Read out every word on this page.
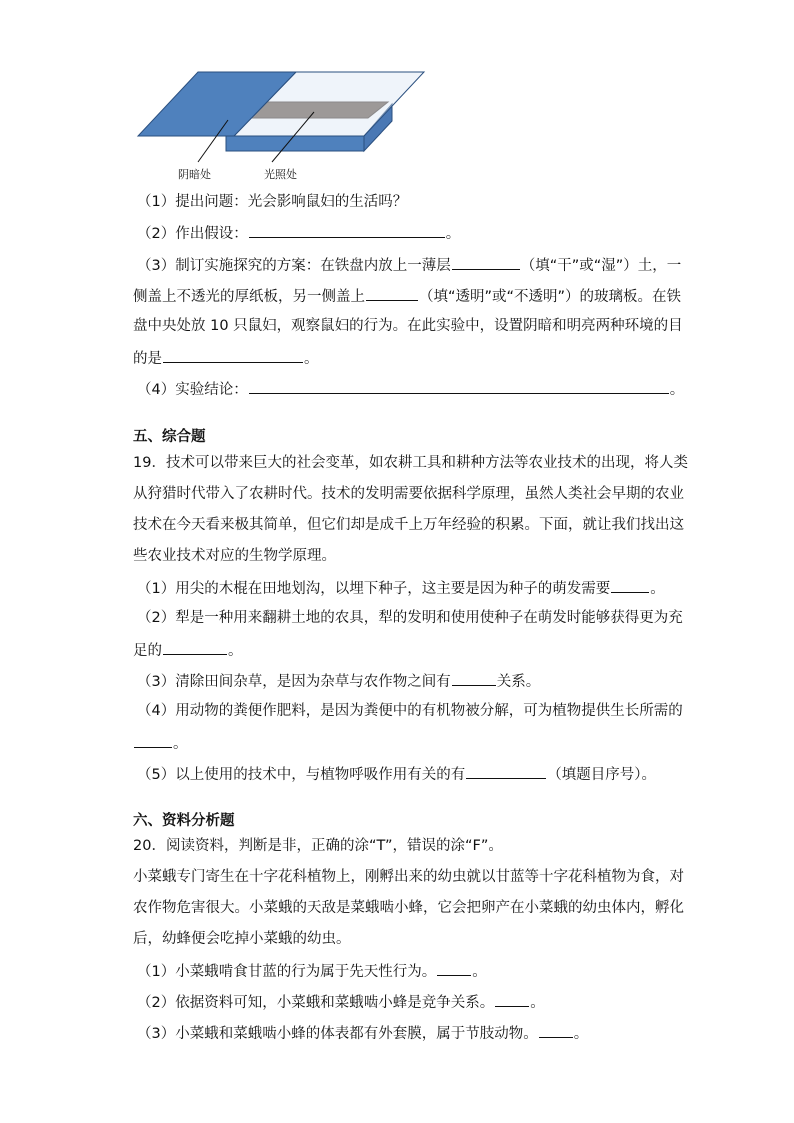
阴暗处	光照处
（1）提出问题：光会影响鼠妇的生活吗？
（2）作出假设：	。
（3）制订实施探究的方案：在铁盘内放上一薄层	（填“干”或“湿”）土，一
侧盖上不透光的厚纸板，另一侧盖上	（填“透明”或“不透明”）的玻璃板。在铁
盘中央处放 10 只鼠妇，观察鼠妇的行为。在此实验中，设置阴暗和明亮两种环境的目
的是	。
（4）实验结论：	。
五、综合题
19．技术可以带来巨大的社会变革，如农耕工具和耕种方法等农业技术的出现，将人类
从狩猎时代带入了农耕时代。技术的发明需要依据科学原理，虽然人类社会早期的农业
技术在今天看来极其简单，但它们却是成千上万年经验的积累。下面，就让我们找出这
些农业技术对应的生物学原理。
（1）用尖的木棍在田地划沟，以埋下种子，这主要是因为种子的萌发需要	。
（2）犁是一种用来翻耕土地的农具，犁的发明和使用使种子在萌发时能够获得更为充
足的	。
（3）清除田间杂草，是因为杂草与农作物之间有	关系。
（4）用动物的粪便作肥料，是因为粪便中的有机物被分解，可为植物提供生长所需的
。
（5）以上使用的技术中，与植物呼吸作用有关的有	（填题目序号）。
六、资料分析题
20．阅读资料，判断是非，正确的涂“T”，错误的涂“F”。
小菜蛾专门寄生在十字花科植物上，刚孵出来的幼虫就以甘蓝等十字花科植物为食，对
农作物危害很大。小菜蛾的天敌是菜蛾啮小蜂，它会把卵产在小菜蛾的幼虫体内，孵化
后，幼蜂便会吃掉小菜蛾的幼虫。
（1）小菜蛾啃食甘蓝的行为属于先天性行为。 。
（2）依据资料可知，小菜蛾和菜蛾啮小蜂是竞争关系。 。
（3）小菜蛾和菜蛾啮小蜂的体表都有外套膜，属于节肢动物。 。
